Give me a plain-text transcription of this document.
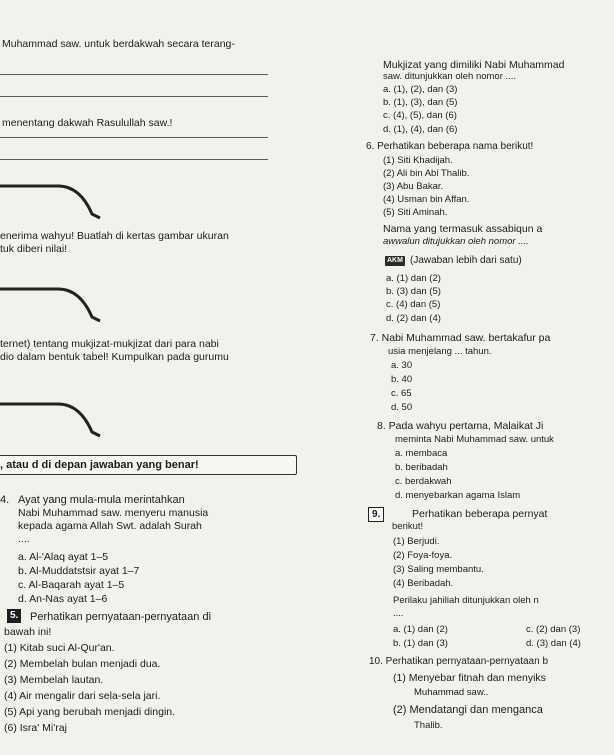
Muhammad saw. untuk berdakwah secara terang-
menentang dakwah Rasulullah saw.!
enerima wahyu! Buatlah di kertas gambar ukuran
tuk diberi nilai!
ternet) tentang mukjizat-mukjizat dari para nabi
dio dalam bentuk tabel! Kumpulkan pada gurumu
, atau d di depan jawaban yang benar!
4. Ayat yang mula-mula merintahkan
Nabi Muhammad saw. menyeru manusia
kepada agama Allah Swt. adalah Surah
....
a. Al-'Alaq ayat 1–5
b. Al-Muddatstsir ayat 1–7
c. Al-Baqarah ayat 1–5
d. An-Nas ayat 1–6
5. Perhatikan pernyataan-pernyataan di
bawah ini!
(1) Kitab suci Al-Qur'an.
(2) Membelah bulan menjadi dua.
(3) Membelah lautan.
(4) Air mengalir dari sela-sela jari.
(5) Api yang berubah menjadi dingin.
(6) Isra' Mi'raj
Mukjizat yang dimiliki Nabi Muhammad
saw. ditunjukkan oleh nomor ....
a. (1), (2), dan (3)
b. (1), (3), dan (5)
c. (4), (5), dan (6)
d. (1), (4), dan (6)
6. Perhatikan beberapa nama berikut!
(1) Siti Khadijah.
(2) Ali bin Abi Thalib.
(3) Abu Bakar.
(4) Usman bin Affan.
(5) Siti Aminah.
Nama yang termasuk assabiqun a
awwalun ditujukkan oleh nomor ....
AKM (Jawaban lebih dari satu)
a. (1) dan (2)
b. (3) dan (5)
c. (4) dan (5)
d. (2) dan (4)
7. Nabi Muhammad saw. bertakafur pa
usia menjelang ... tahun.
a. 30
b. 40
c. 65
d. 50
8. Pada wahyu pertama, Malaikat Ji
meminta Nabi Muhammad saw. untuk
a. membaca
b. beribadah
c. berdakwah
d. menyebarkan agama Islam
9.	Perhatikan beberapa pernyat
berikut!
(1) Berjudi.
(2) Foya-foya.
(3) Saling membantu.
(4) Beribadah.
Perilaku jahiliah ditunjukkan oleh n
....
a. (1) dan (2)
b. (1) dan (3)
c. (2) dan (3)
d. (3) dan (4)
10. Perhatikan pernyataan-pernyataan b
(1) Menyebar fitnah dan menyiks
Muhammad saw..
(2) Mendatangi dan menganca
Thalib.
